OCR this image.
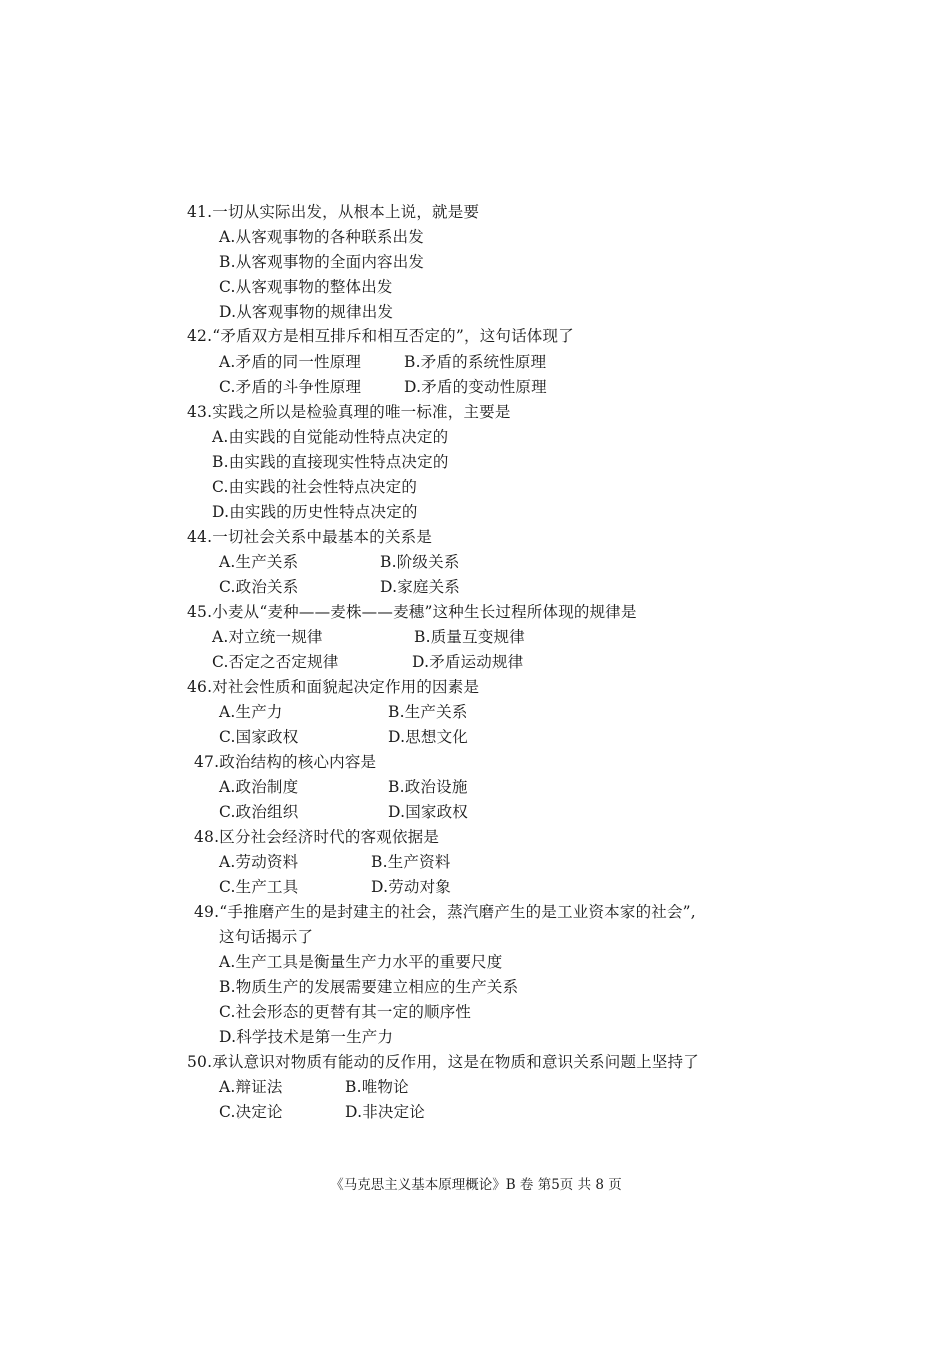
41.一切从实际出发，从根本上说，就是要
A.从客观事物的各种联系出发
B.从客观事物的全面内容出发
C.从客观事物的整体出发
D.从客观事物的规律出发
42.“矛盾双方是相互排斥和相互否定的”，这句话体现了
A.矛盾的同一性原理	B.矛盾的系统性原理
C.矛盾的斗争性原理	D.矛盾的变动性原理
43.实践之所以是检验真理的唯一标准，主要是
A.由实践的自觉能动性特点决定的
B.由实践的直接现实性特点决定的
C.由实践的社会性特点决定的
D.由实践的历史性特点决定的
44.一切社会关系中最基本的关系是
A.生产关系	B.阶级关系
C.政治关系	D.家庭关系
45.小麦从“麦种——麦株——麦穗”这种生长过程所体现的规律是
A.对立统一规律	B.质量互变规律
C.否定之否定规律	D.矛盾运动规律
46.对社会性质和面貌起决定作用的因素是
A.生产力	B.生产关系
C.国家政权	D.思想文化
47.政治结构的核心内容是
A.政治制度	B.政治设施
C.政治组织	D.国家政权
48.区分社会经济时代的客观依据是
A.劳动资料	B.生产资料
C.生产工具	D.劳动对象
49.“手推磨产生的是封建主的社会，蒸汽磨产生的是工业资本家的社会”,
这句话揭示了
A.生产工具是衡量生产力水平的重要尺度
B.物质生产的发展需要建立相应的生产关系
C.社会形态的更替有其一定的顺序性
D.科学技术是第一生产力
50.承认意识对物质有能动的反作用，这是在物质和意识关系问题上坚持了
A.辩证法	B.唯物论
C.决定论	D.非决定论
《马克思主义基本原理概论》B 卷 第5页 共 8 页
